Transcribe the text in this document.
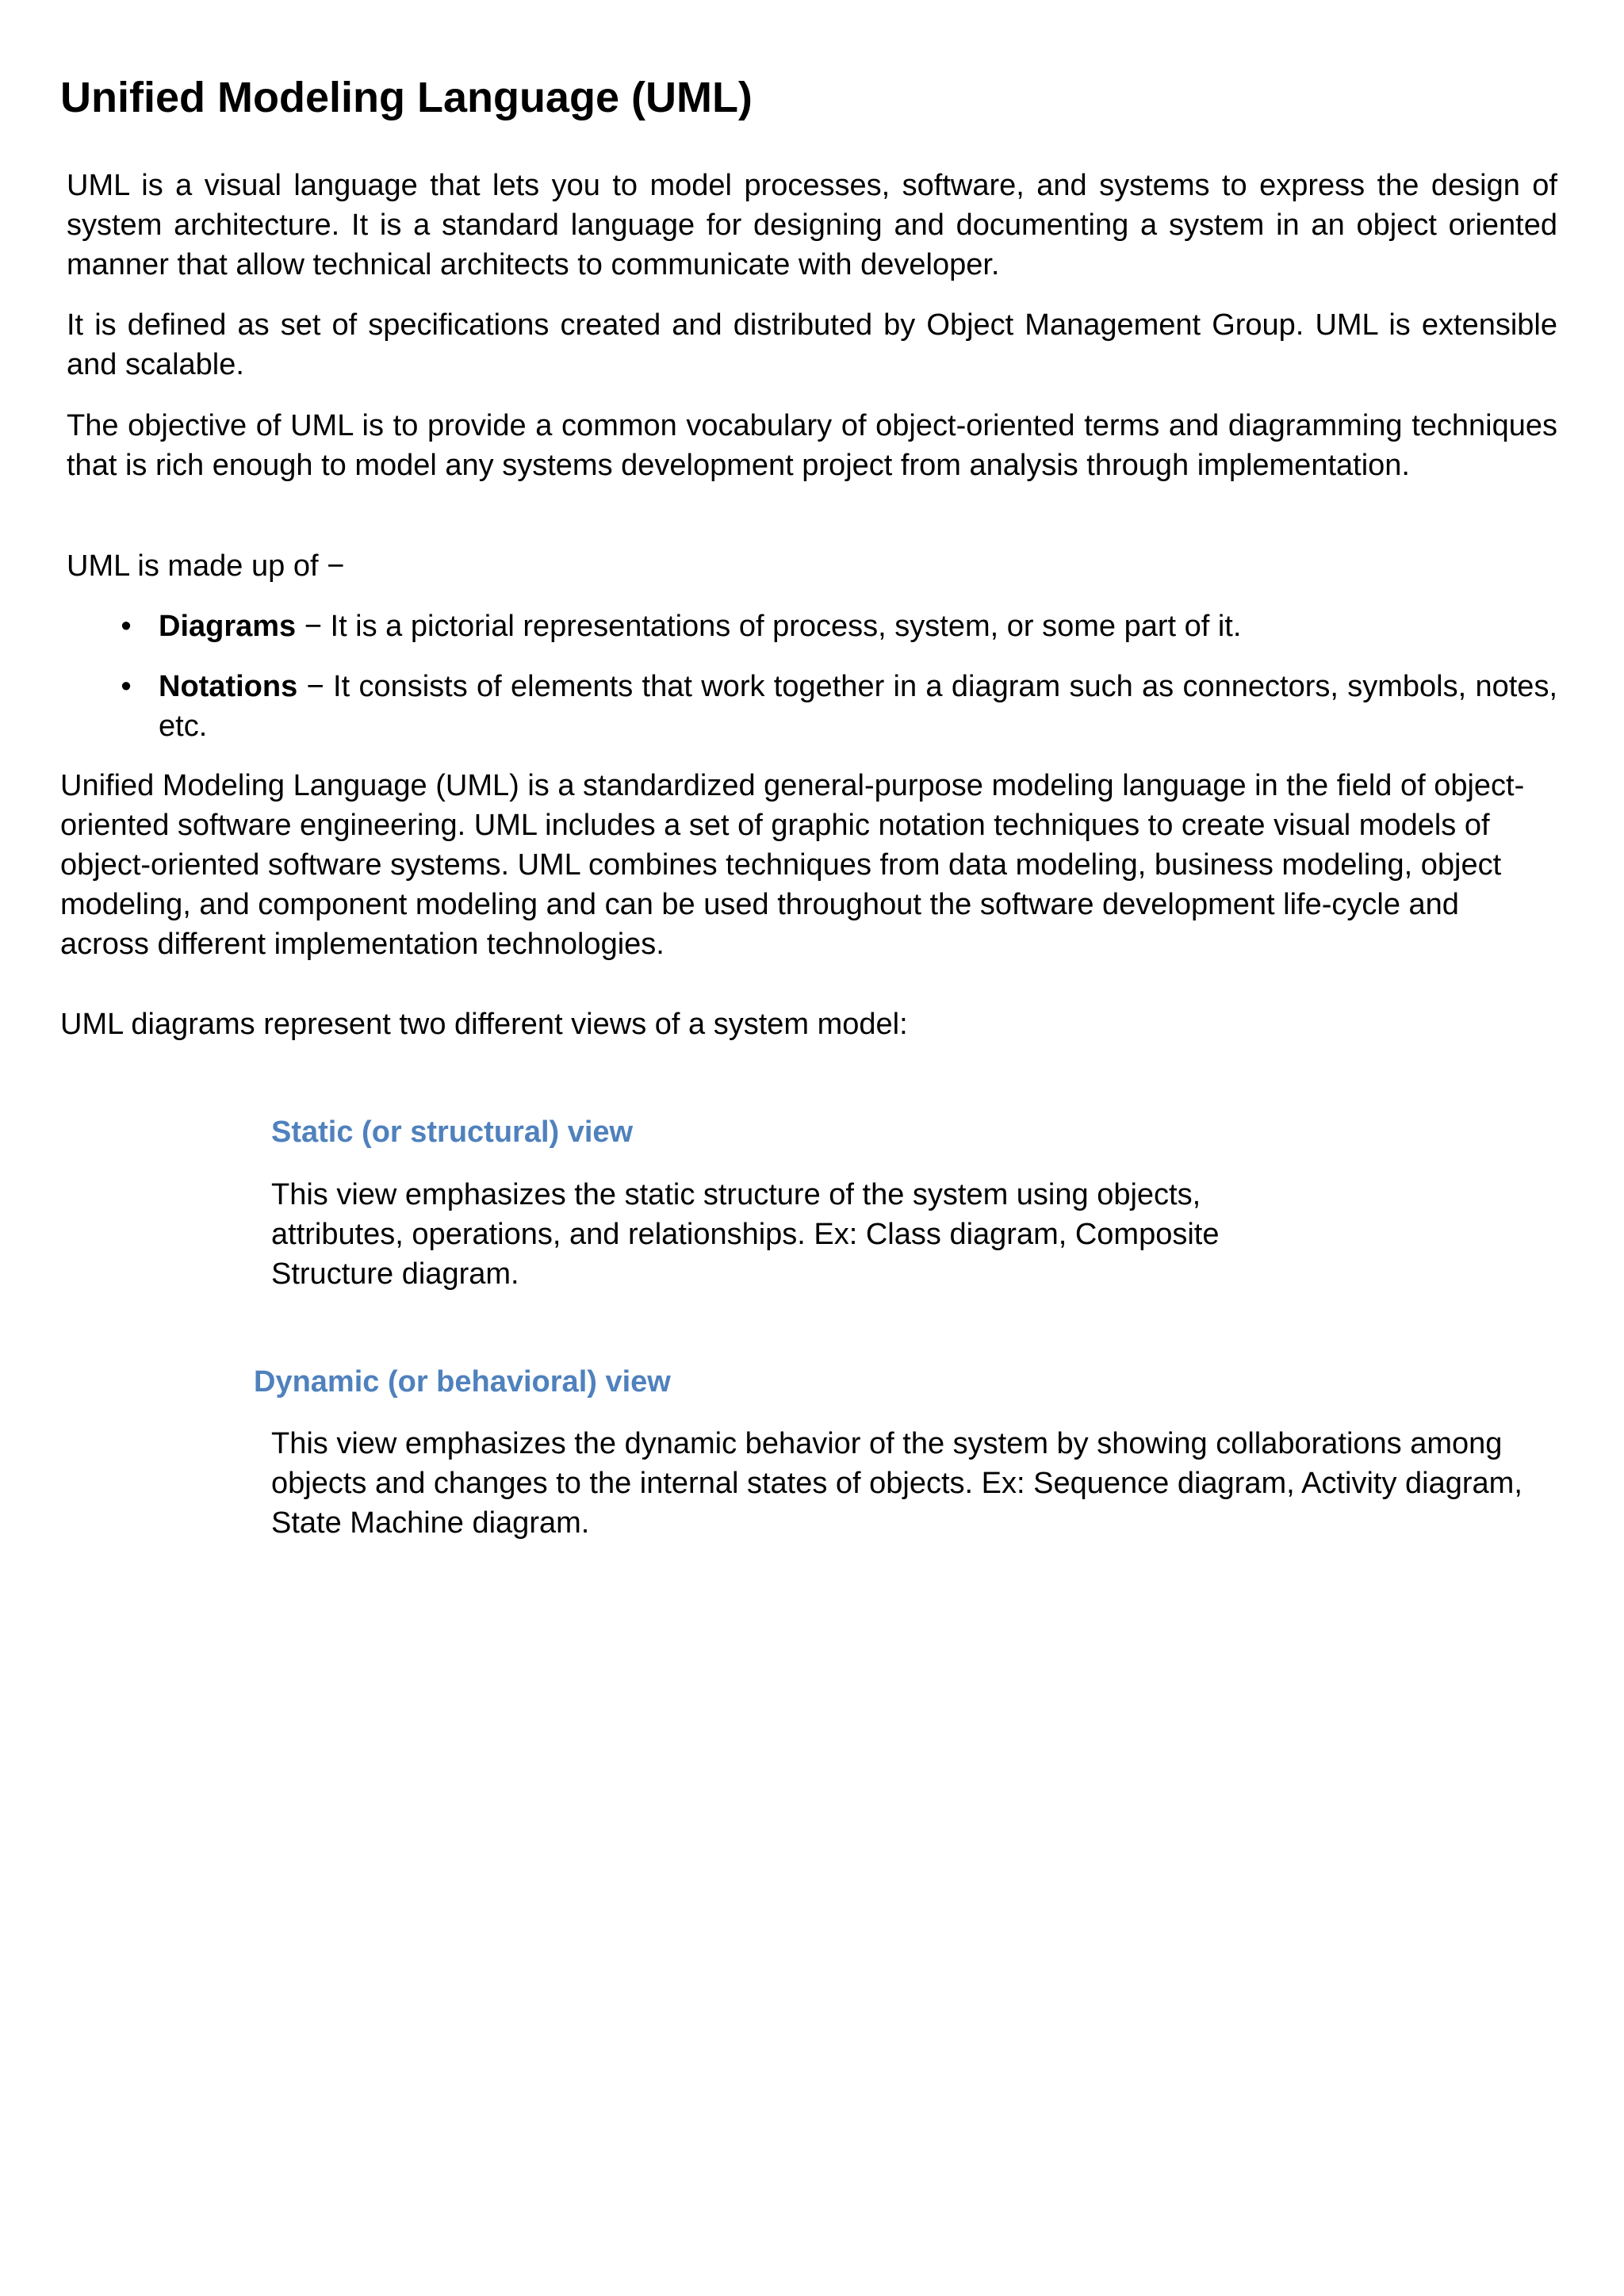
Unified Modeling Language (UML)

UML is a visual language that lets you to model processes, software, and systems to express the design of system architecture. It is a standard language for designing and documenting a system in an object oriented manner that allow technical architects to communicate with developer.

It is defined as set of specifications created and distributed by Object Management Group. UML is extensible and scalable.

The objective of UML is to provide a common vocabulary of object-oriented terms and diagramming techniques that is rich enough to model any systems development project from analysis through implementation.

UML is made up of −

• Diagrams − It is a pictorial representations of process, system, or some part of it.
• Notations − It consists of elements that work together in a diagram such as connectors, symbols, notes, etc.

Unified Modeling Language (UML) is a standardized general-purpose modeling language in the field of object-oriented software engineering. UML includes a set of graphic notation techniques to create visual models of object-oriented software systems. UML combines techniques from data modeling, business modeling, object modeling, and component modeling and can be used throughout the software development life-cycle and across different implementation technologies.

UML diagrams represent two different views of a system model:

Static (or structural) view

This view emphasizes the static structure of the system using objects, attributes, operations, and relationships. Ex: Class diagram, Composite Structure diagram.

Dynamic (or behavioral) view

This view emphasizes the dynamic behavior of the system by showing collaborations among objects and changes to the internal states of objects. Ex: Sequence diagram, Activity diagram, State Machine diagram.
